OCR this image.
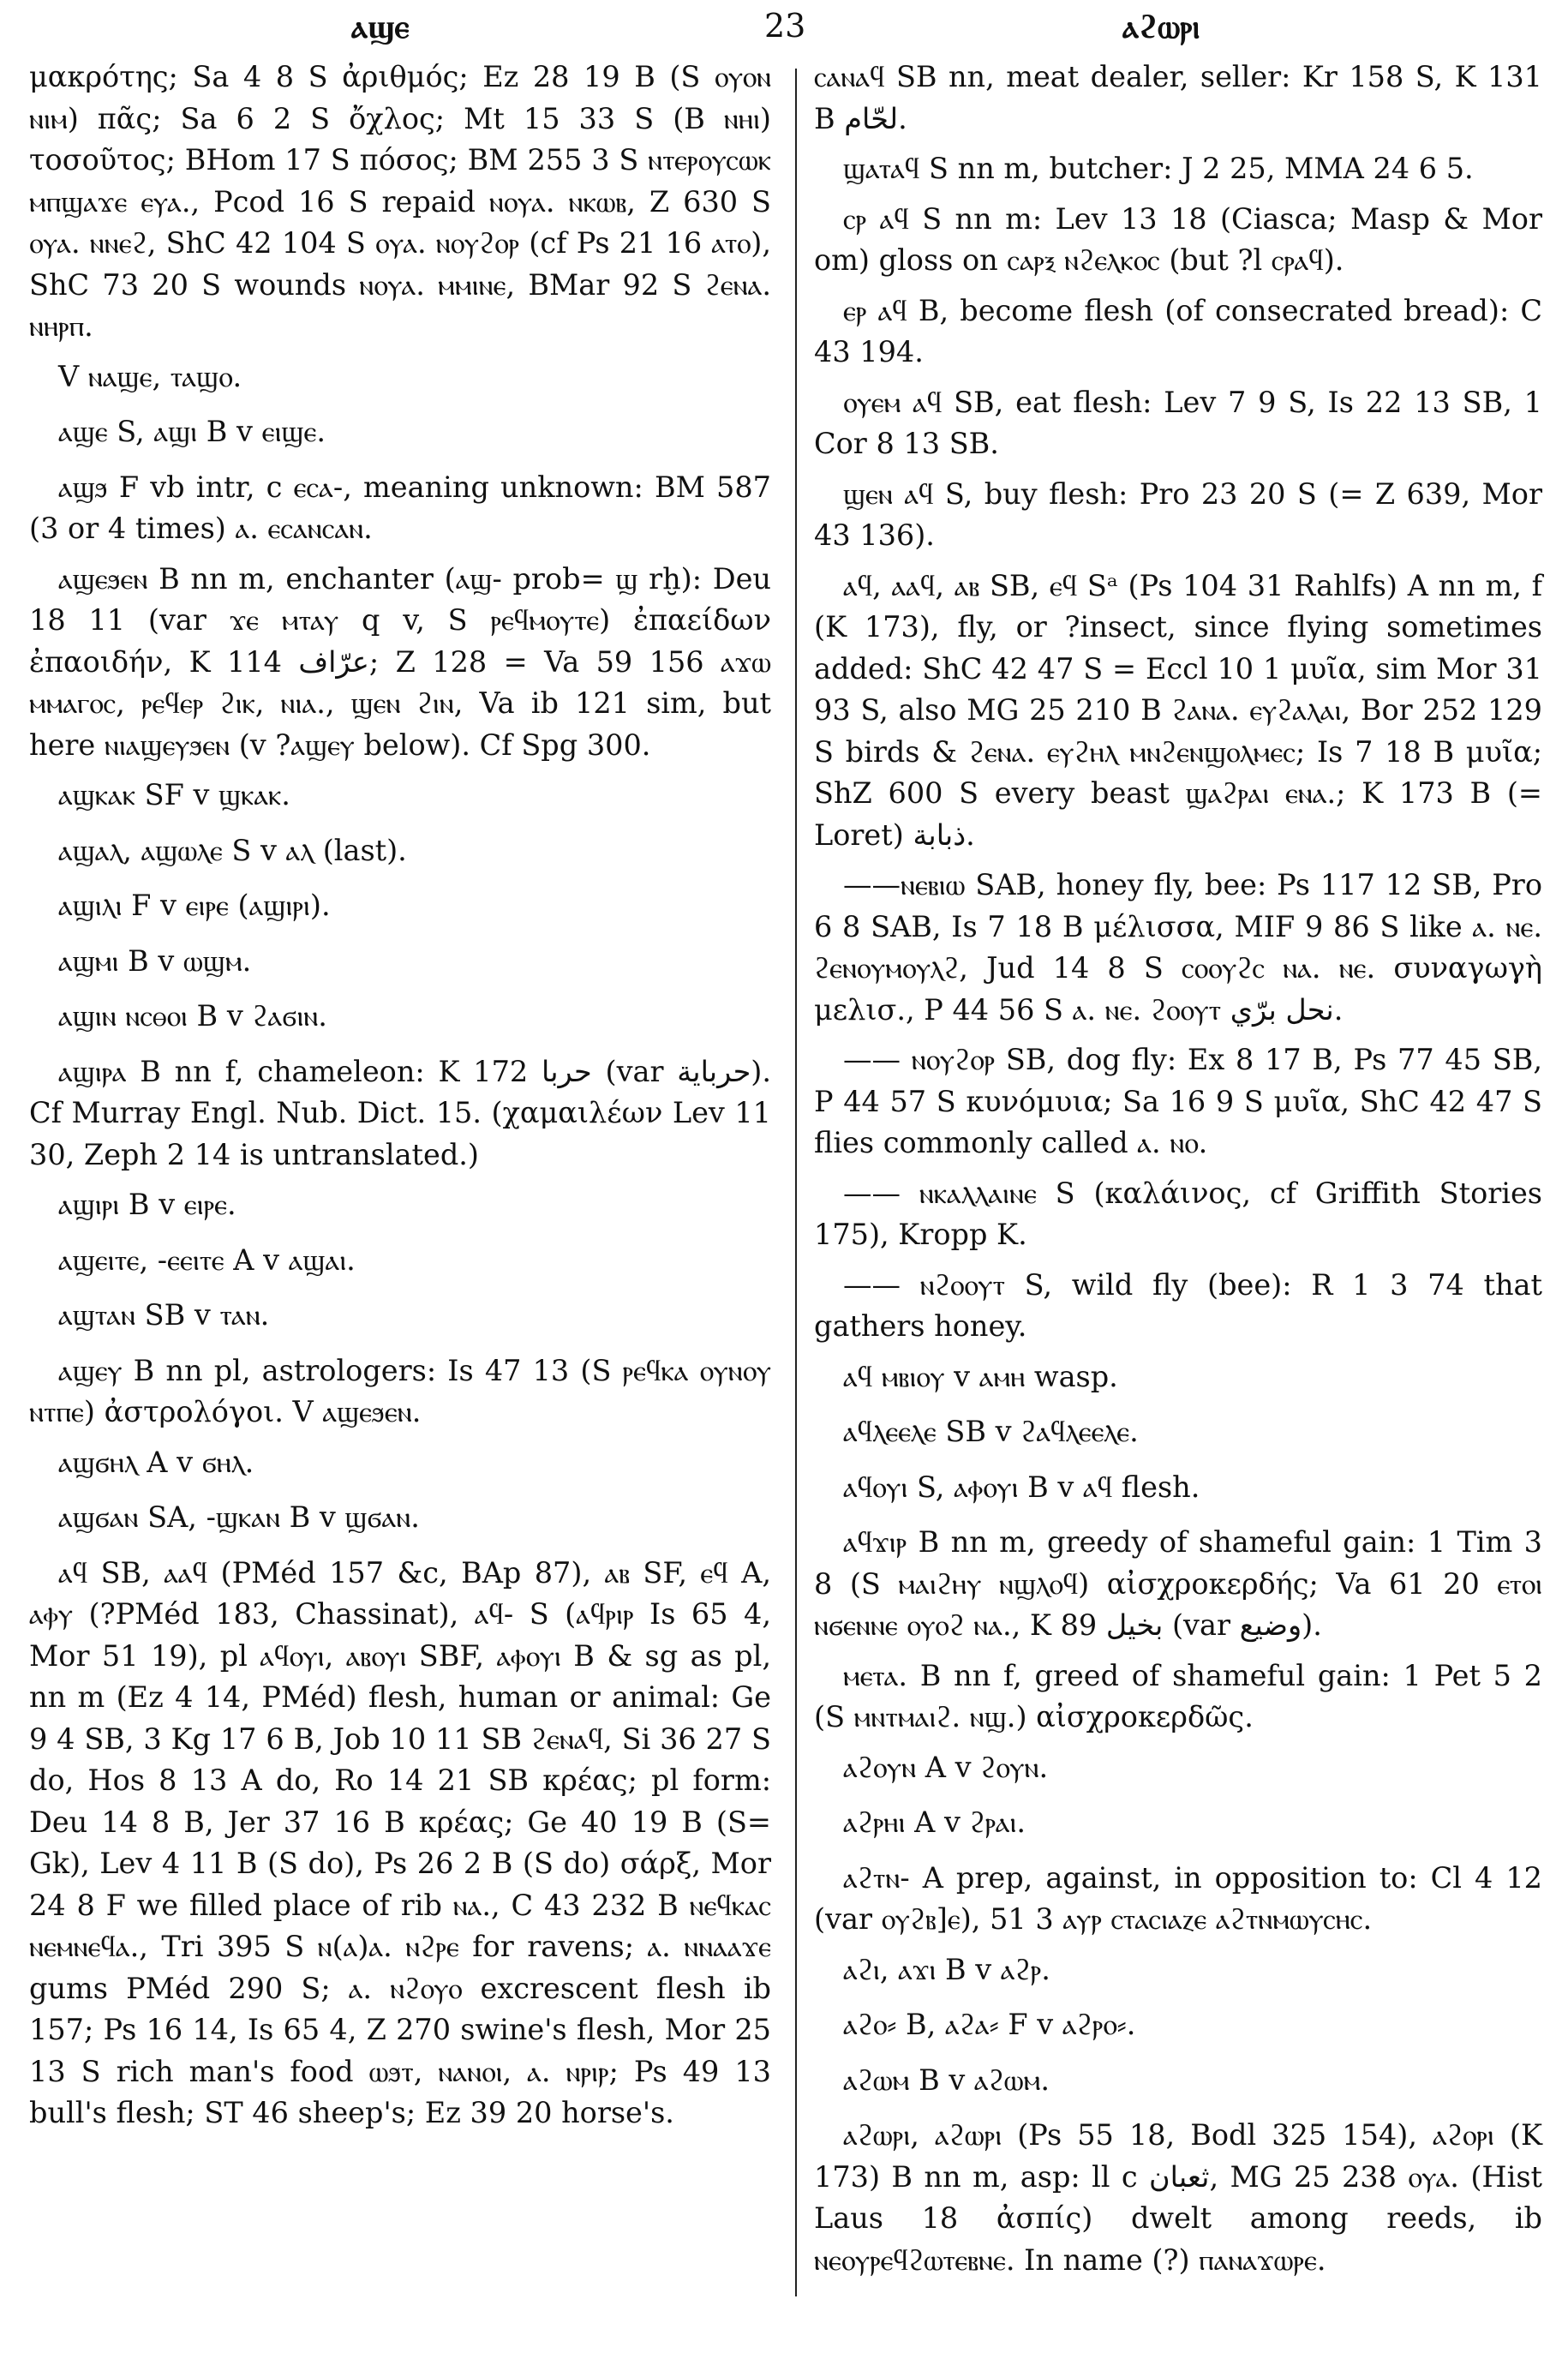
ⲁϣⲉ	23	ⲁϩⲱⲣⲓ

μακρότης; Sa 4 8 S ἀριθμός; Ez 28 19 B (S ⲟⲩⲟⲛ ⲛⲓⲙ) πᾶς; Sa 6 2 S ὄχλος; Mt 15 33 S (B ⲛⲏⲓ) τοσοῦτος; BHom 17 S πόσος; BM 255 3 S ⲛⲧⲉⲣⲟⲩⲥⲱⲕ ⲙⲡϣⲁϫⲉ ⲉⲩⲁ., Pcod 16 S repaid ⲛⲟⲩⲁ. ⲛⲕⲱⲃ, Z 630 S ⲟⲩⲁ. ⲛⲛⲉϩ, ShC 42 104 S ⲟⲩⲁ. ⲛⲟⲩϩⲟⲣ (cf Ps 21 16 ⲁⲧⲟ), ShC 73 20 S wounds ⲛⲟⲩⲁ. ⲙⲙⲓⲛⲉ, BMar 92 S ϩⲉⲛⲁ. ⲛⲏⲣⲡ.

V ⲛⲁϣⲉ, ⲧⲁϣⲟ.

ⲁϣⲉ S, ⲁϣⲓ B v ⲉⲓϣⲉ.

ⲁϣϧ F vb intr, c ⲉⲥⲁ-, meaning unknown: BM 587 (3 or 4 times) ⲁ. ⲉⲥⲁⲛⲥⲁⲛ.

ⲁϣⲉϧⲉⲛ B nn m, enchanter (ⲁϣ- prob= ϣ rḫ): Deu 18 11 (var ϫⲉ ⲙⲧⲁⲩ q v, S ⲣⲉϥⲙⲟⲩⲧⲉ) ἐπαείδων ἐπαοιδήν, K 114 عرّاف; Z 128 = Va 59 156 ⲁϫⲱ ⲙⲙⲁⲅⲟⲥ, ⲣⲉϥⲉⲣ ϩⲓⲕ, ⲛⲓⲁ., ϣⲉⲛ ϩⲓⲛ, Va ib 121 sim, but here ⲛⲓⲁϣⲉⲩϧⲉⲛ (v ?ⲁϣⲉⲩ below). Cf Spg 300.

ⲁϣⲕⲁⲕ SF v ϣⲕⲁⲕ.

ⲁϣⲁⲗ, ⲁϣⲱⲗⲉ S v ⲁⲗ (last).

ⲁϣⲓⲗⲓ F v ⲉⲓⲣⲉ (ⲁϣⲓⲣⲓ).

ⲁϣⲙⲓ B v ⲱϣⲙ.

ⲁϣⲓⲛ ⲛⲥⲑⲟⲓ B v ϩⲁϭⲓⲛ.

ⲁϣⲓⲣⲁ B nn f, chameleon: K 172 حربا (var حرباية). Cf Murray Engl. Nub. Dict. 15. (χαμαιλέων Lev 11 30, Zeph 2 14 is untranslated.)

ⲁϣⲓⲣⲓ B v ⲉⲓⲣⲉ.

ⲁϣⲉⲓⲧⲉ, -ⲉⲉⲓⲧⲉ A v ⲁϣⲁⲓ.

ⲁϣⲧⲁⲛ SB v ⲧⲁⲛ.

ⲁϣⲉⲩ B nn pl, astrologers: Is 47 13 (S ⲣⲉϥⲕⲁ ⲟⲩⲛⲟⲩ ⲛⲧⲡⲉ) ἀστρολόγοι. V ⲁϣⲉϧⲉⲛ.

ⲁϣϭⲏⲗ A v ϭⲏⲗ.

ⲁϣϭⲁⲛ SA, -ϣⲕⲁⲛ B v ϣϭⲁⲛ.

ⲁϥ SB, ⲁⲁϥ (PMéd 157 &c, BAp 87), ⲁⲃ SF, ⲉϥ A, ⲁⲫⲩ (?PMéd 183, Chassinat), ⲁϥ- S (ⲁϥⲣⲓⲣ Is 65 4, Mor 51 19), pl ⲁϥⲟⲩⲓ, ⲁⲃⲟⲩⲓ SBF, ⲁⲫⲟⲩⲓ B & sg as pl, nn m (Ez 4 14, PMéd) flesh, human or animal: Ge 9 4 SB, 3 Kg 17 6 B, Job 10 11 SB ϩⲉⲛⲁϥ, Si 36 27 S do, Hos 8 13 A do, Ro 14 21 SB κρέας; pl form: Deu 14 8 B, Jer 37 16 B κρέας; Ge 40 19 B (S= Gk), Lev 4 11 B (S do), Ps 26 2 B (S do) σάρξ, Mor 24 8 F we filled place of rib ⲛⲁ., C 43 232 B ⲛⲉϥⲕⲁⲥ ⲛⲉⲙⲛⲉϥⲁ., Tri 395 S ⲛ(ⲁ)ⲁ. ⲛϩⲣⲉ for ravens; ⲁ. ⲛⲛⲁⲁϫⲉ gums PMéd 290 S; ⲁ. ⲛϩⲟⲩⲟ excrescent flesh ib 157; Ps 16 14, Is 65 4, Z 270 swine's flesh, Mor 25 13 S rich man's food ⲱϧⲧ, ⲛⲁⲛⲟⲓ, ⲁ. ⲛⲣⲓⲣ; Ps 49 13 bull's flesh; ST 46 sheep's; Ez 39 20 horse's.

ⲥⲁⲛⲁϥ SB nn, meat dealer, seller: Kr 158 S, K 131 B لحّام.

ϣⲁⲧⲁϥ S nn m, butcher: J 2 25, MMA 24 6 5.

ⲥⲣ ⲁϥ S nn m: Lev 13 18 (Ciasca; Masp & Mor om) gloss on ⲥⲁⲣⲝ ⲛϩⲉⲗⲕⲟⲥ (but ?l ⲥⲣⲁϥ).

ⲉⲣ ⲁϥ B, become flesh (of consecrated bread): C 43 194.

ⲟⲩⲉⲙ ⲁϥ SB, eat flesh: Lev 7 9 S, Is 22 13 SB, 1 Cor 8 13 SB.

ϣⲉⲛ ⲁϥ S, buy flesh: Pro 23 20 S (= Z 639, Mor 43 136).

ⲁϥ, ⲁⲁϥ, ⲁⲃ SB, ⲉϥ Sᵃ (Ps 104 31 Rahlfs) A nn m, f (K 173), fly, or ?insect, since flying sometimes added: ShC 42 47 S = Eccl 10 1 μυῖα, sim Mor 31 93 S, also MG 25 210 B ϩⲁⲛⲁ. ⲉⲩϩⲁⲗⲁⲓ, Bor 252 129 S birds & ϩⲉⲛⲁ. ⲉⲩϩⲏⲗ ⲙⲛϩⲉⲛϣⲟⲗⲙⲉⲥ; Is 7 18 B μυῖα; ShZ 600 S every beast ϣⲁϩⲣⲁⲓ ⲉⲛⲁ.; K 173 B (= Loret) ذبابة.

——ⲛⲉⲃⲓⲱ SAB, honey fly, bee: Ps 117 12 SB, Pro 6 8 SAB, Is 7 18 B μέλισσα, MIF 9 86 S like ⲁ. ⲛⲉ. ϩⲉⲛⲟⲩⲙⲟⲩⲗϩ, Jud 14 8 S ⲥⲟⲟⲩϩⲥ ⲛⲁ. ⲛⲉ. συναγωγὴ μελισ., P 44 56 S ⲁ. ⲛⲉ. ϩⲟⲟⲩⲧ نحل برّي.

—— ⲛⲟⲩϩⲟⲣ SB, dog fly: Ex 8 17 B, Ps 77 45 SB, P 44 57 S κυνόμυια; Sa 16 9 S μυῖα, ShC 42 47 S flies commonly called ⲁ. ⲛⲟ.

—— ⲛⲕⲁⲗⲗⲁⲓⲛⲉ S (καλάινος, cf Griffith Stories 175), Kropp K.

—— ⲛϩⲟⲟⲩⲧ S, wild fly (bee): R 1 3 74 that gathers honey.

ⲁϥ ⲙⲃⲓⲟⲩ v ⲁⲙⲏ wasp.

ⲁϥⲗⲉⲉⲗⲉ SB v ϩⲁϥⲗⲉⲉⲗⲉ.

ⲁϥⲟⲩⲓ S, ⲁⲫⲟⲩⲓ B v ⲁϥ flesh.

ⲁϥϫⲓⲣ B nn m, greedy of shameful gain: 1 Tim 3 8 (S ⲙⲁⲓϩⲏⲩ ⲛϣⲗⲟϥ) αἰσχροκερδής; Va 61 20 ⲉⲧⲟⲓ ⲛϭⲉⲛⲛⲉ ⲟⲩⲟϩ ⲛⲁ., K 89 بخيل (var وضيع).

ⲙⲉⲧⲁ. B nn f, greed of shameful gain: 1 Pet 5 2 (S ⲙⲛⲧⲙⲁⲓϩ. ⲛϣ.) αἰσχροκερδῶς.

ⲁϩⲟⲩⲛ A v ϩⲟⲩⲛ.

ⲁϩⲣⲏⲓ A v ϩⲣⲁⲓ.

ⲁϩⲧⲛ- A prep, against, in opposition to: Cl 4 12 (var ⲟⲩϩⲃ]ⲉ), 51 3 ⲁⲩⲣ ⲥⲧⲁⲥⲓⲁⲍⲉ ⲁϩⲧⲛⲙⲱⲩⲥⲏⲥ.

ⲁϩⲓ, ⲁϫⲓ B v ⲁϩⲣ.

ⲁϩⲟ⸗ B, ⲁϩⲁ⸗ F v ⲁϩⲣⲟ⸗.

ⲁϩⲱⲙ B v ⲁϩⲱⲙ.

ⲁϩⲱⲣⲓ, ⲁϩⲱⲣⲓ (Ps 55 18, Bodl 325 154), ⲁϩⲟⲣⲓ (K 173) B nn m, asp: ll c ثعبان, MG 25 238 ⲟⲩⲁ. (Hist Laus 18 ἀσπίς) dwelt among reeds, ib ⲛⲉⲟⲩⲣⲉϥϩⲱⲧⲉⲃⲛⲉ. In name (?) ⲡⲁⲛⲁϫⲱⲣⲉ.
